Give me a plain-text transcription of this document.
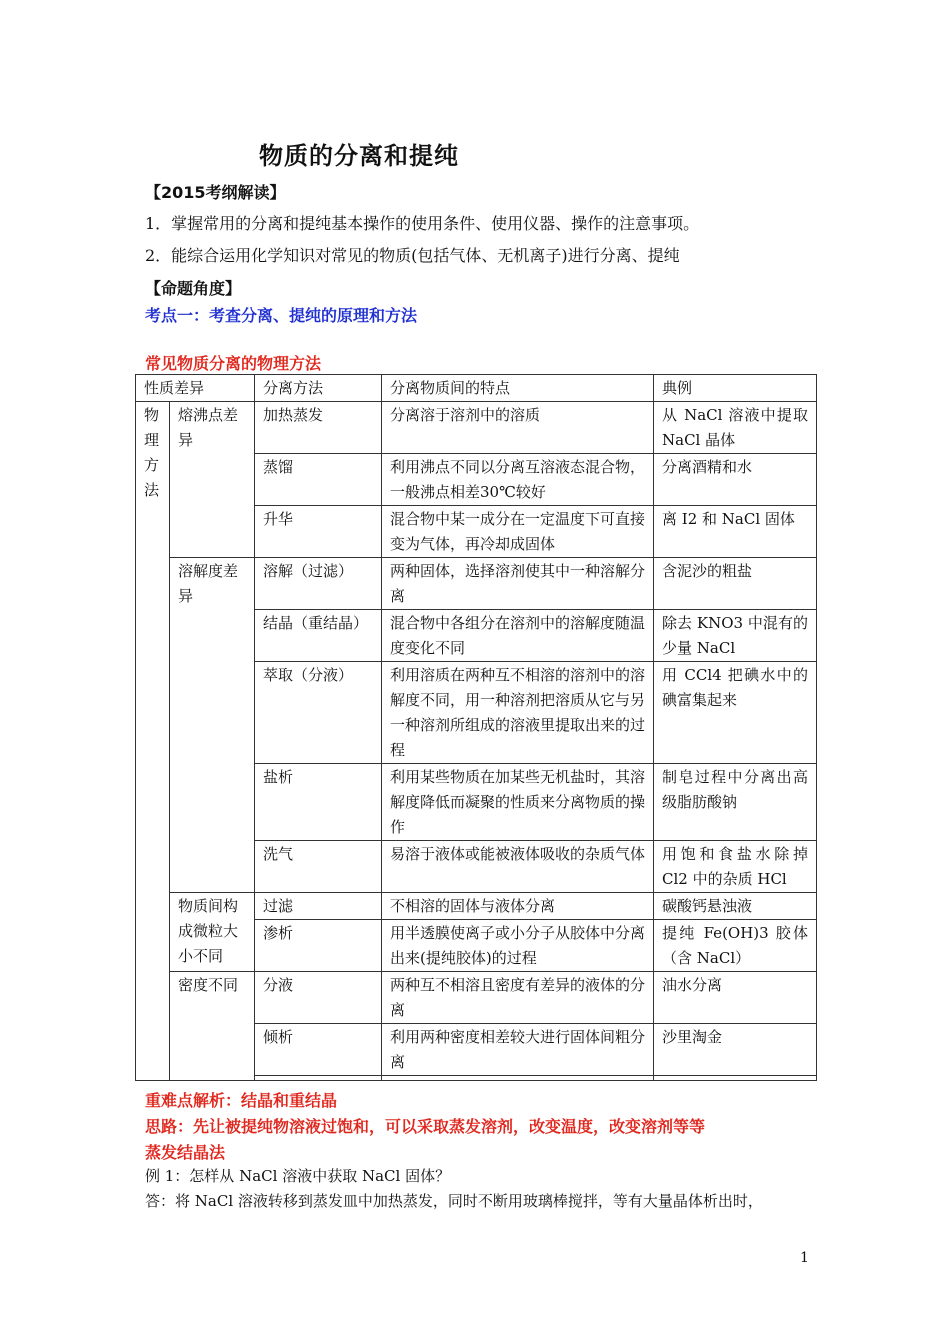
物质的分离和提纯
【2015考纲解读】
1．掌握常用的分离和提纯基本操作的使用条件、使用仪器、操作的注意事项。
2．能综合运用化学知识对常见的物质(包括气体、无机离子)进行分离、提纯
【命题角度】
考点一：考查分离、提纯的原理和方法
常见物质分离的物理方法
性质差异		分离方法	分离物质间的特点	典例

物理方法	熔沸点差异	加热蒸发	分离溶于溶剂中的溶质	从 NaCl 溶液中提取 NaCl 晶体
		蒸馏	利用沸点不同以分离互溶液态混合物，一般沸点相差30℃较好	分离酒精和水
		升华	混合物中某一成分在一定温度下可直接变为气体，再冷却成固体	离 I2 和 NaCl 固体
	溶解度差异	溶解（过滤）	两种固体，选择溶剂使其中一种溶解分离	含泥沙的粗盐
		结晶（重结晶）	混合物中各组分在溶剂中的溶解度随温度变化不同	除去 KNO3 中混有的少量 NaCl
		萃取（分液）	利用溶质在两种互不相溶的溶剂中的溶解度不同，用一种溶剂把溶质从它与另一种溶剂所组成的溶液里提取出来的过程	用 CCl4 把碘水中的碘富集起来
		盐析	利用某些物质在加某些无机盐时，其溶解度降低而凝聚的性质来分离物质的操作	制皂过程中分离出高级脂肪酸钠
		洗气	易溶于液体或能被液体吸收的杂质气体	用饱和食盐水除掉 Cl2 中的杂质 HCl
	物质间构成微粒大小不同	过滤	不相溶的固体与液体分离	碳酸钙悬浊液
		渗析	用半透膜使离子或小分子从胶体中分离出来(提纯胶体)的过程	提纯 Fe(OH)3 胶体（含 NaCl）
	密度不同	分液	两种互不相溶且密度有差异的液体的分离	油水分离
		倾析	利用两种密度相差较大进行固体间粗分离	沙里淘金

重难点解析：结晶和重结晶
思路：先让被提纯物溶液过饱和，可以采取蒸发溶剂，改变温度，改变溶剂等等
蒸发结晶法
例 1：怎样从 NaCl 溶液中获取 NaCl 固体？
答：将 NaCl 溶液转移到蒸发皿中加热蒸发，同时不断用玻璃棒搅拌，等有大量晶体析出时，
1
